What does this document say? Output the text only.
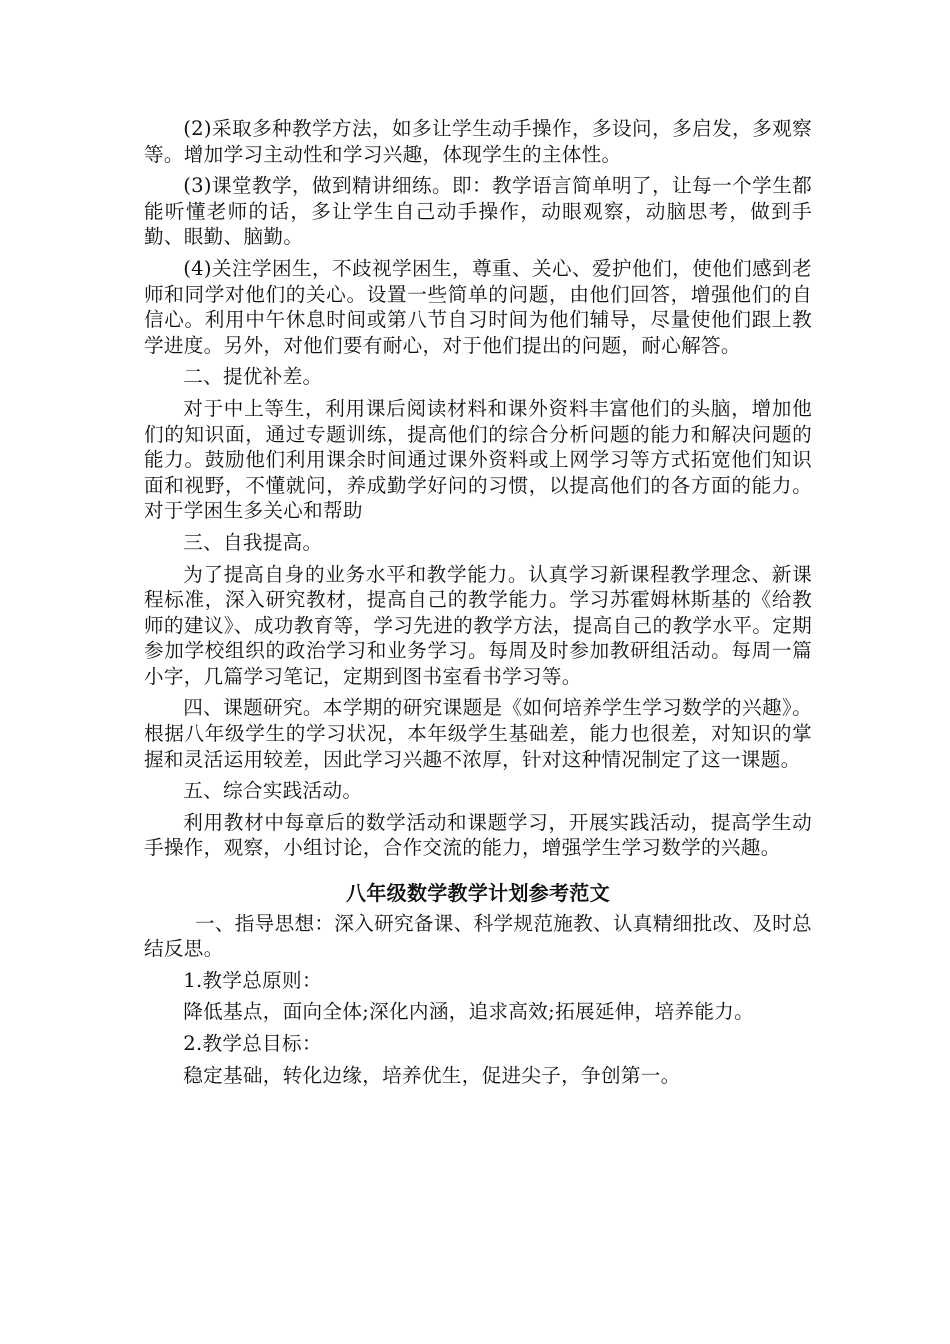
(2)采取多种教学方法，如多让学生动手操作，多设问，多启发，多观察等。增加学习主动性和学习兴趣，体现学生的主体性。

(3)课堂教学，做到精讲细练。即：教学语言简单明了，让每一个学生都能听懂老师的话，多让学生自己动手操作，动眼观察，动脑思考，做到手勤、眼勤、脑勤。

(4)关注学困生，不歧视学困生，尊重、关心、爱护他们，使他们感到老师和同学对他们的关心。设置一些简单的问题，由他们回答，增强他们的自信心。利用中午休息时间或第八节自习时间为他们辅导，尽量使他们跟上教学进度。另外，对他们要有耐心，对于他们提出的问题，耐心解答。

二、提优补差。

对于中上等生，利用课后阅读材料和课外资料丰富他们的头脑，增加他们的知识面，通过专题训练，提高他们的综合分析问题的能力和解决问题的能力。鼓励他们利用课余时间通过课外资料或上网学习等方式拓宽他们知识面和视野，不懂就问，养成勤学好问的习惯，以提高他们的各方面的能力。对于学困生多关心和帮助

三、自我提高。

为了提高自身的业务水平和教学能力。认真学习新课程教学理念、新课程标准，深入研究教材，提高自己的教学能力。学习苏霍姆林斯基的《给教师的建议》、成功教育等，学习先进的教学方法，提高自己的教学水平。定期参加学校组织的政治学习和业务学习。每周及时参加教研组活动。每周一篇小字，几篇学习笔记，定期到图书室看书学习等。

四、课题研究。本学期的研究课题是《如何培养学生学习数学的兴趣》。根据八年级学生的学习状况，本年级学生基础差，能力也很差，对知识的掌握和灵活运用较差，因此学习兴趣不浓厚，针对这种情况制定了这一课题。

五、综合实践活动。

利用教材中每章后的数学活动和课题学习，开展实践活动，提高学生动手操作，观察，小组讨论，合作交流的能力，增强学生学习数学的兴趣。

八年级数学教学计划参考范文

一、指导思想：深入研究备课、科学规范施教、认真精细批改、及时总结反思。

1.教学总原则：

降低基点，面向全体;深化内涵，追求高效;拓展延伸，培养能力。

2.教学总目标：

稳定基础，转化边缘，培养优生，促进尖子，争创第一。
